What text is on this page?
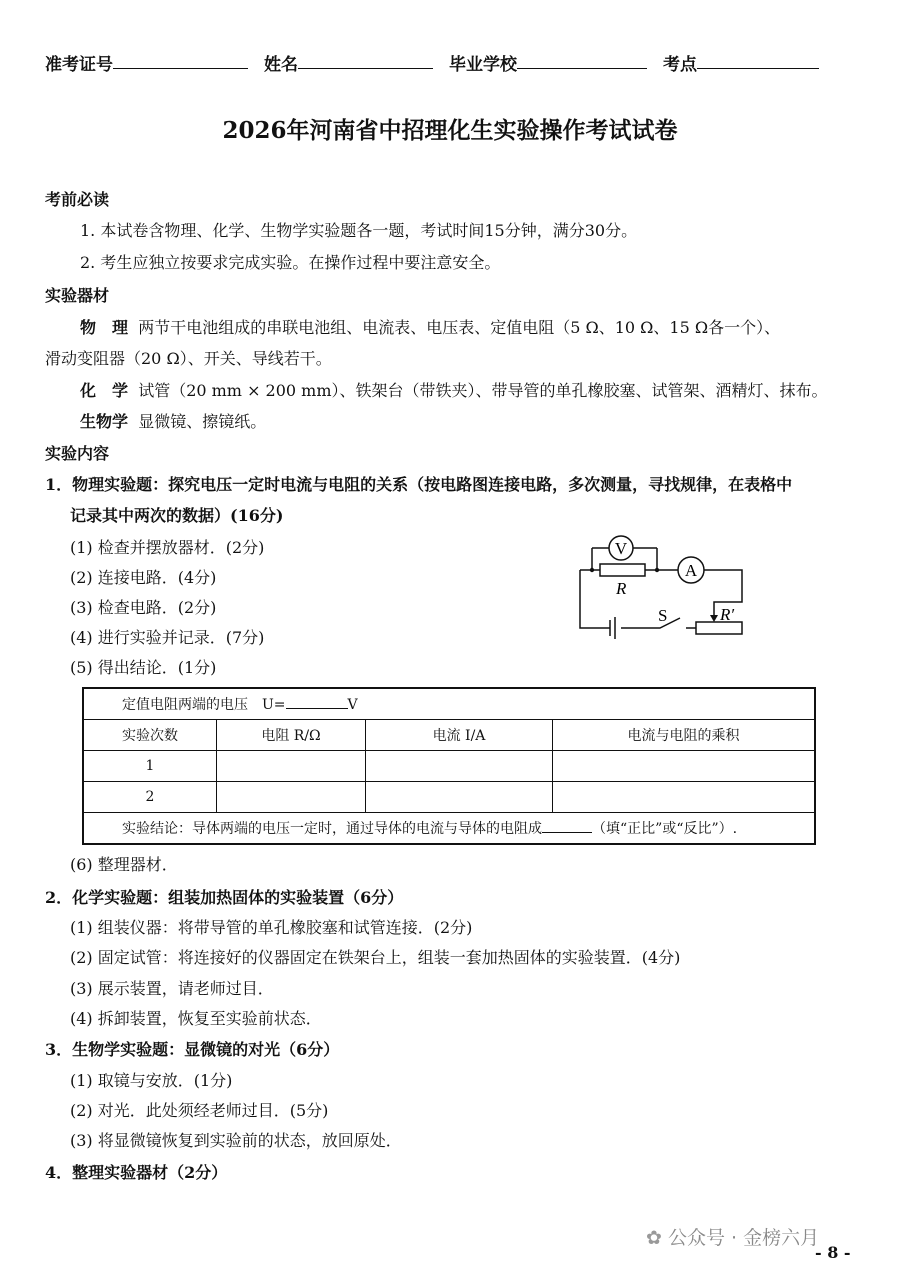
准考证号	姓名	毕业学校	考点
2026年河南省中招理化生实验操作考试试卷
考前必读
1. 本试卷含物理、化学、生物学实验题各一题，考试时间15分钟，满分30分。
2. 考生应独立按要求完成实验。在操作过程中要注意安全。
实验器材
物　理 两节干电池组成的串联电池组、电流表、电压表、定值电阻（5 Ω、10 Ω、15 Ω各一个）、
滑动变阻器（20 Ω）、开关、导线若干。
化　学 试管（20 mm × 200 mm）、铁架台（带铁夹）、带导管的单孔橡胶塞、试管架、酒精灯、抹布。
生物学 显微镜、擦镜纸。
实验内容
1．物理实验题：探究电压一定时电流与电阻的关系（按电路图连接电路，多次测量，寻找规律，在表格中
记录其中两次的数据）(16分)
(1) 检查并摆放器材．(2分)
(2) 连接电路．(4分)
(3) 检查电路．(2分)
(4) 进行实验并记录．(7分)
(5) 得出结论．(1分)
V
A
R
R′
S
定值电阻两端的电压　U= V			
实验次数	电阻 R/Ω	电流 I/A	电流与电阻的乘积
1			
2			
实验结论：导体两端的电压一定时，通过导体的电流与导体的电阻成 （填“正比”或“反比”）.			
(6) 整理器材．
2．化学实验题：组装加热固体的实验装置（6分）
(1) 组装仪器：将带导管的单孔橡胶塞和试管连接．(2分)
(2) 固定试管：将连接好的仪器固定在铁架台上，组装一套加热固体的实验装置．(4分)
(3) 展示装置，请老师过目．
(4) 拆卸装置，恢复至实验前状态．
3．生物学实验题：显微镜的对光（6分）
(1) 取镜与安放．(1分)
(2) 对光．此处须经老师过目．(5分)
(3) 将显微镜恢复到实验前的状态，放回原处．
4．整理实验器材（2分）
✿ 公众号 · 金榜六月
- 8 -
